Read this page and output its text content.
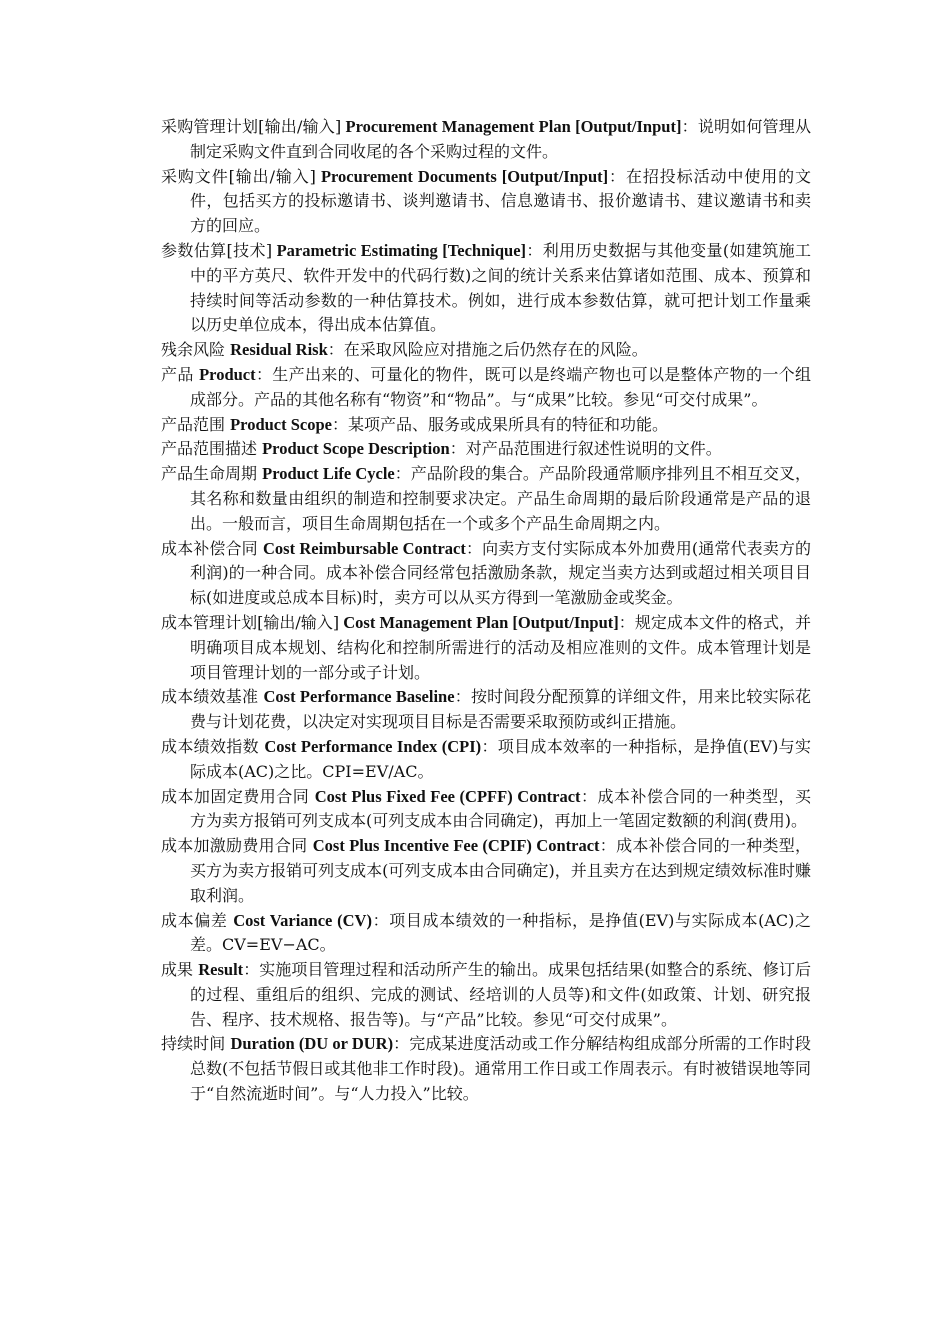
采购管理计划[输出/输入] Procurement Management Plan [Output/Input]：说明如何管理从制定采购文件直到合同收尾的各个采购过程的文件。

采购文件[输出/输入] Procurement Documents [Output/Input]：在招投标活动中使用的文件，包括买方的投标邀请书、谈判邀请书、信息邀请书、报价邀请书、建议邀请书和卖方的回应。

参数估算[技术] Parametric Estimating [Technique]：利用历史数据与其他变量(如建筑施工中的平方英尺、软件开发中的代码行数)之间的统计关系来估算诸如范围、成本、预算和持续时间等活动参数的一种估算技术。例如，进行成本参数估算，就可把计划工作量乘以历史单位成本，得出成本估算值。

残余风险 Residual Risk：在采取风险应对措施之后仍然存在的风险。

产品 Product：生产出来的、可量化的物件，既可以是终端产物也可以是整体产物的一个组成部分。产品的其他名称有“物资”和“物品”。与“成果”比较。参见“可交付成果”。

产品范围 Product Scope：某项产品、服务或成果所具有的特征和功能。

产品范围描述 Product Scope Description：对产品范围进行叙述性说明的文件。

产品生命周期 Product Life Cycle：产品阶段的集合。产品阶段通常顺序排列且不相互交叉，其名称和数量由组织的制造和控制要求决定。产品生命周期的最后阶段通常是产品的退出。一般而言，项目生命周期包括在一个或多个产品生命周期之内。

成本补偿合同 Cost Reimbursable Contract：向卖方支付实际成本外加费用(通常代表卖方的利润)的一种合同。成本补偿合同经常包括激励条款，规定当卖方达到或超过相关项目目标(如进度或总成本目标)时，卖方可以从买方得到一笔激励金或奖金。

成本管理计划[输出/输入] Cost Management Plan [Output/Input]：规定成本文件的格式，并明确项目成本规划、结构化和控制所需进行的活动及相应准则的文件。成本管理计划是项目管理计划的一部分或子计划。

成本绩效基准 Cost Performance Baseline：按时间段分配预算的详细文件，用来比较实际花费与计划花费，以决定对实现项目目标是否需要采取预防或纠正措施。

成本绩效指数 Cost Performance Index (CPI)：项目成本效率的一种指标，是挣值(EV)与实际成本(AC)之比。CPI=EV/AC。

成本加固定费用合同 Cost Plus Fixed Fee (CPFF) Contract：成本补偿合同的一种类型，买方为卖方报销可列支成本(可列支成本由合同确定)，再加上一笔固定数额的利润(费用)。

成本加激励费用合同 Cost Plus Incentive Fee (CPIF) Contract：成本补偿合同的一种类型，买方为卖方报销可列支成本(可列支成本由合同确定)，并且卖方在达到规定绩效标准时赚取利润。

成本偏差 Cost Variance (CV)：项目成本绩效的一种指标，是挣值(EV)与实际成本(AC)之差。CV=EV−AC。

成果 Result：实施项目管理过程和活动所产生的输出。成果包括结果(如整合的系统、修订后的过程、重组后的组织、完成的测试、经培训的人员等)和文件(如政策、计划、研究报告、程序、技术规格、报告等)。与“产品”比较。参见“可交付成果”。

持续时间 Duration (DU or DUR)：完成某进度活动或工作分解结构组成部分所需的工作时段总数(不包括节假日或其他非工作时段)。通常用工作日或工作周表示。有时被错误地等同于“自然流逝时间”。与“人力投入”比较。
